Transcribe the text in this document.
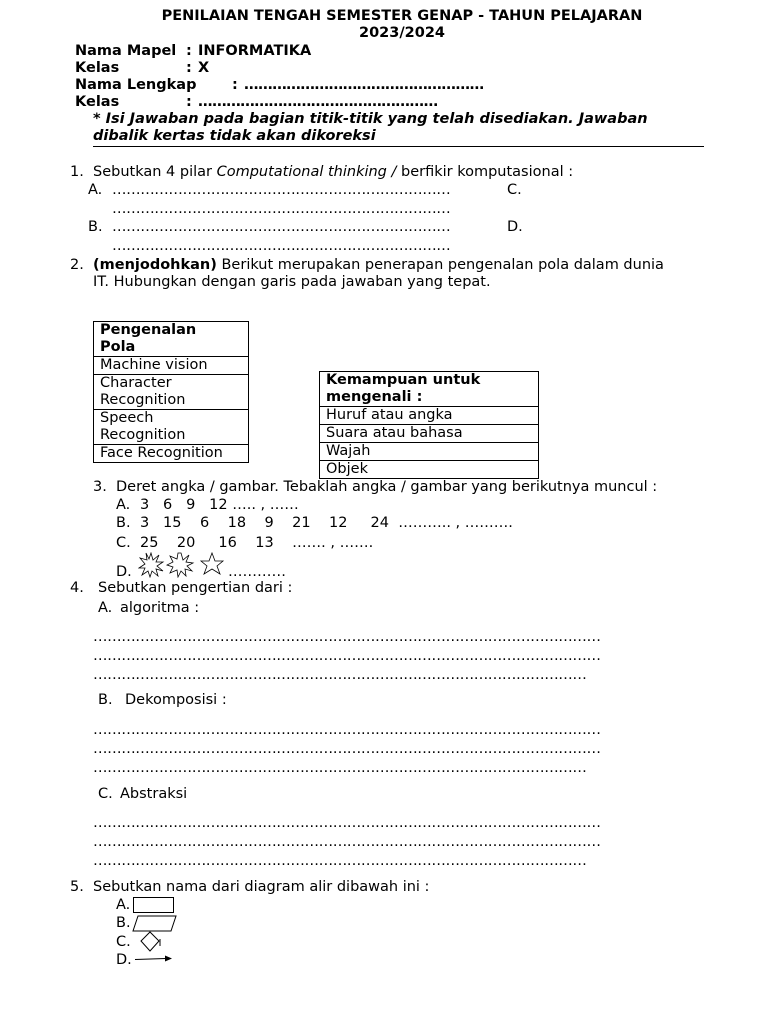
PENILAIAN TENGAH SEMESTER GENAP - TAHUN PELAJARAN
2023/2024
Nama Mapel : INFORMATIKA
Kelas	: X
Nama Lengkap : ……………………………………………
Kelas	: ……………………………………………
* Isi Jawaban pada bagian titik-titik yang telah disediakan. Jawaban
dibalik kertas tidak akan dikoreksi
1. Sebutkan 4 pilar Computational thinking / berfikir komputasional :
A. ………………………………………………………………
………………………………………………………………
C.
B. ………………………………………………………………
………………………………………………………………
D.
2. (menjodohkan) Berikut merupakan penerapan pengenalan pola dalam dunia
IT. Hubungkan dengan garis pada jawaban yang tepat.
Pengenalan
Pola
Machine vision
Character
Recognition
Speech
Recognition
Face Recognition
Kemampuan untuk
mengenali :
Huruf atau angka
Suara atau bahasa
Wajah
Objek
3. Deret angka / gambar. Tebaklah angka / gambar yang berikutnya muncul :
A. 3   6   9   12 ….. , ……
B. 3   15    6    18    9    21    12     24  ……….. , ……….
C. 25    20     16    13    ……. , …….
D.	…………
4. Sebutkan pengertian dari :
A. algoritma :
………………………………………………………………………………………………
………………………………………………………………………………………………
……………………………………………………………………………………………
B. Dekomposisi :
………………………………………………………………………………………………
………………………………………………………………………………………………
……………………………………………………………………………………………
C. Abstraksi
………………………………………………………………………………………………
………………………………………………………………………………………………
……………………………………………………………………………………………
5. Sebutkan nama dari diagram alir dibawah ini :
A.
B.
C.
D.
